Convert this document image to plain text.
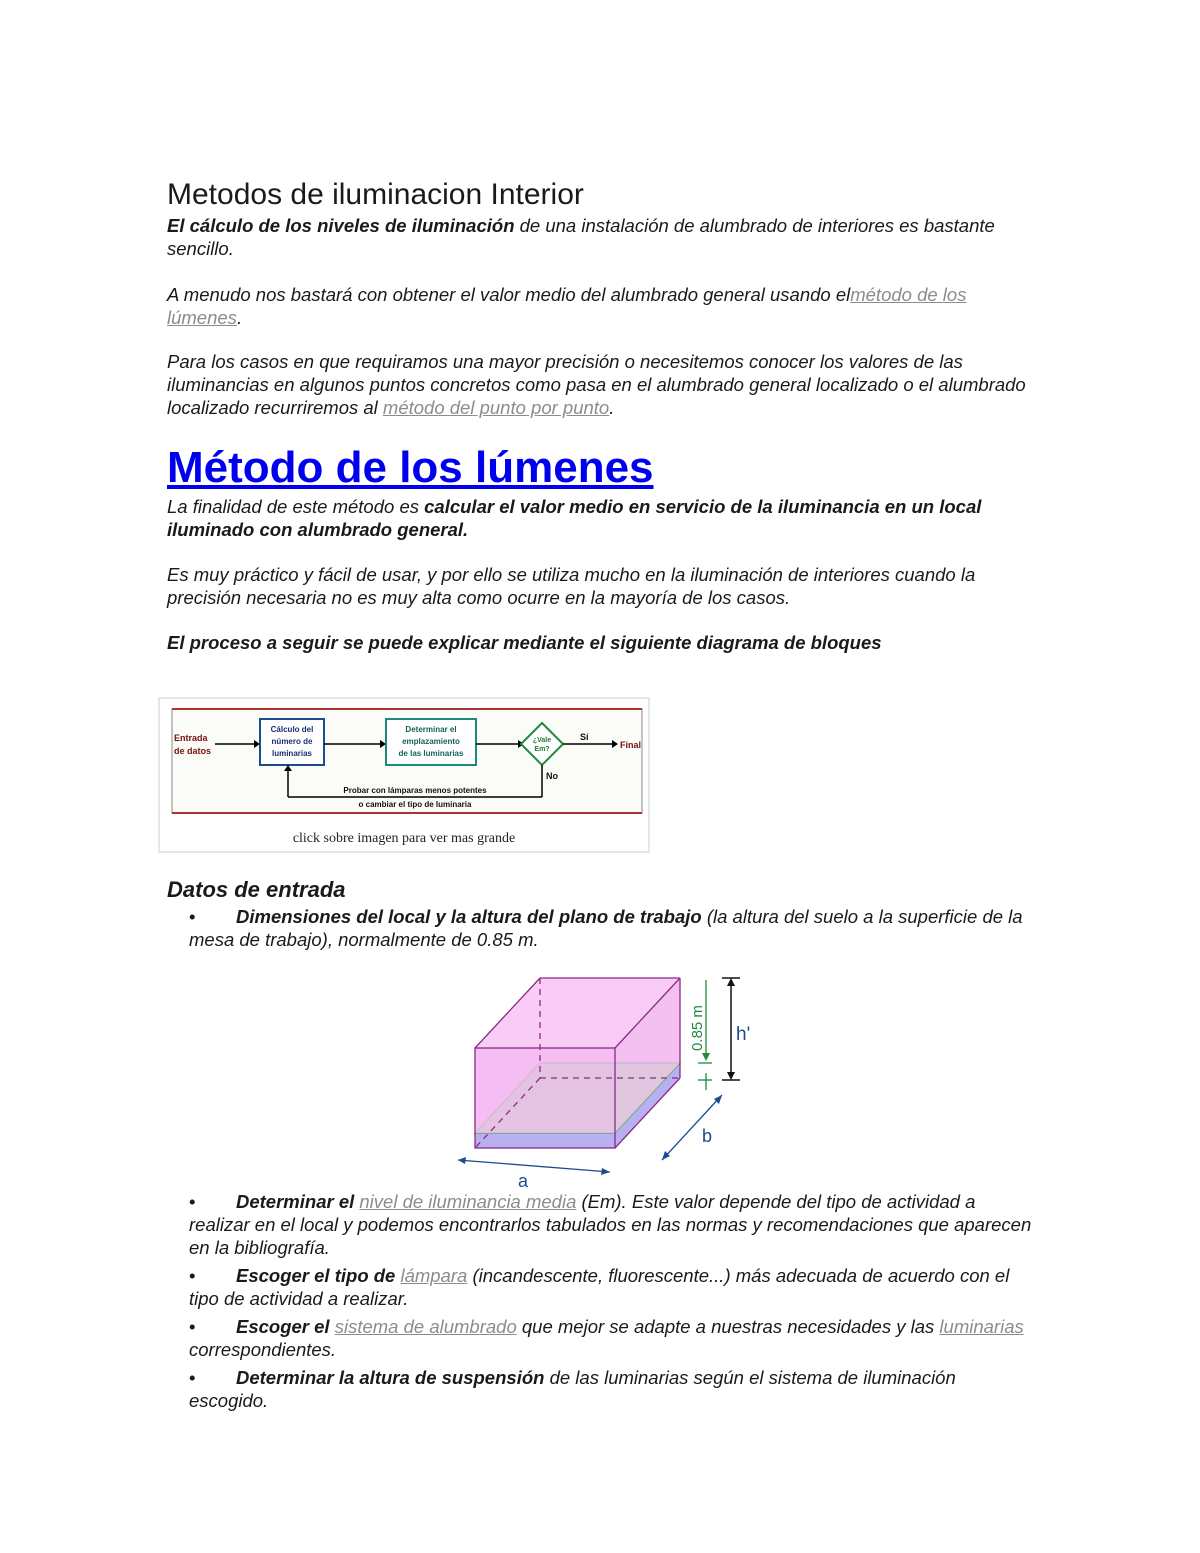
Metodos de iluminacion Interior

El cálculo de los niveles de iluminación de una instalación de alumbrado de interiores es bastante sencillo.

A menudo nos bastará con obtener el valor medio del alumbrado general usando elmétodo de los lúmenes.

Para los casos en que requiramos una mayor precisión o necesitemos conocer los valores de las iluminancias en algunos puntos concretos como pasa en el alumbrado general localizado o el alumbrado localizado recurriremos al método del punto por punto.

Método de los lúmenes

La finalidad de este método es calcular el valor medio en servicio de la iluminancia en un local iluminado con alumbrado general.

Es muy práctico y fácil de usar, y por ello se utiliza mucho en la iluminación de interiores cuando la precisión necesaria no es muy alta como ocurre en la mayoría de los casos.

El proceso a seguir se puede explicar mediante el siguiente diagrama de bloques

Datos de entrada
• Dimensiones del local y la altura del plano de trabajo (la altura del suelo a la superficie de la mesa de trabajo), normalmente de 0.85 m.
• Determinar el nivel de iluminancia media (Em). Este valor depende del tipo de actividad a realizar en el local y podemos encontrarlos tabulados en las normas y recomendaciones que aparecen en la bibliografía.
• Escoger el tipo de lámpara (incandescente, fluorescente...) más adecuada de acuerdo con el tipo de actividad a realizar.
• Escoger el sistema de alumbrado que mejor se adapte a nuestras necesidades y las luminarias correspondientes.
• Determinar la altura de suspensión de las luminarias según el sistema de iluminación escogido.
Entrada
de datos
Cálculo del
número de
luminarias
Determinar el
emplazamiento
de las luminarias
¿Vale
Em?
Sí
Final
No
Probar con lámparas menos potentes
o cambiar el tipo de luminaria
click sobre imagen para ver mas grande
0.85 m h'
b
a
